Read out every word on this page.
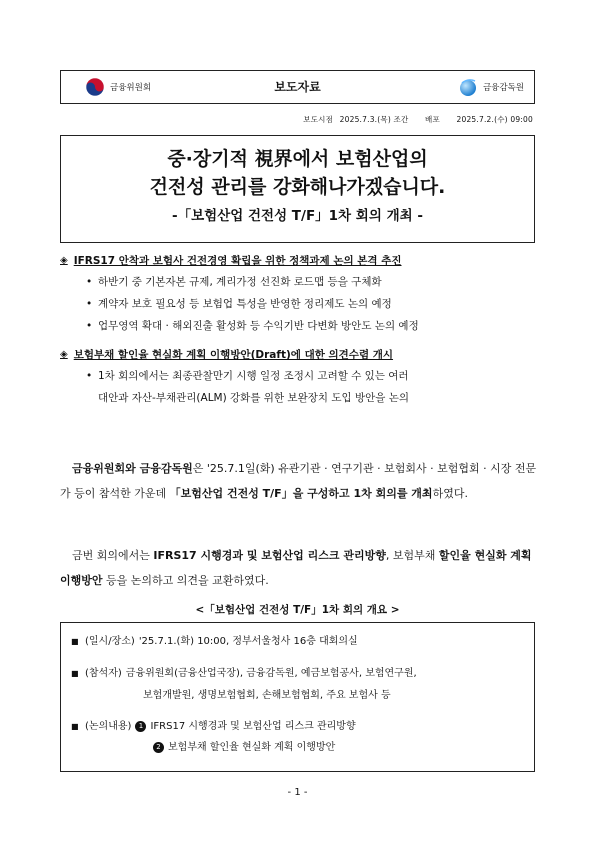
금융위원회	보도자료	금융감독원
보도시점 2025.7.3.(목) 조간 배포 2025.7.2.(수) 09:00
중·장기적 視界에서 보험산업의
건전성 관리를 강화해나가겠습니다.
-「보험산업 건전성 T/F」1차 회의 개최 -
◈ IFRS17 안착과 보험사 건전경영 확립을 위한 정책과제 논의 본격 추진
• 하반기 중 기본자본 규제, 계리가정 선진화 로드맵 등을 구체화
• 계약자 보호 필요성 등 보험업 특성을 반영한 정리제도 논의 예정
• 업무영역 확대 · 해외진출 활성화 등 수익기반 다변화 방안도 논의 예정
◈ 보험부채 할인율 현실화 계획 이행방안(Draft)에 대한 의견수렴 개시
• 1차 회의에서는 최종관찰만기 시행 일정 조정시 고려할 수 있는 여러
대안과 자산-부채관리(ALM) 강화를 위한 보완장치 도입 방안을 논의
금융위원회와 금융감독원은 '25.7.1일(화) 유관기관 · 연구기관 · 보험회사 · 보험협회 · 시장 전문가 등이 참석한 가운데 「보험산업 건전성 T/F」을 구성하고 1차 회의를 개최하였다.
금번 회의에서는 IFRS17 시행경과 및 보험산업 리스크 관리방향, 보험부채 할인율 현실화 계획 이행방안 등을 논의하고 의견을 교환하였다.
<「보험산업 건전성 T/F」1차 회의 개요 >
■ (일시/장소) '25.7.1.(화) 10:00, 정부서울청사 16층 대회의실
■ (참석자) 금융위원회(금융산업국장), 금융감독원, 예금보험공사, 보험연구원,
보험개발원, 생명보험협회, 손해보험협회, 주요 보험사 등
■ (논의내용)	1 IFRS17 시행경과 및 보험산업 리스크 관리방향
2 보험부채 할인율 현실화 계획 이행방안
- 1 -
